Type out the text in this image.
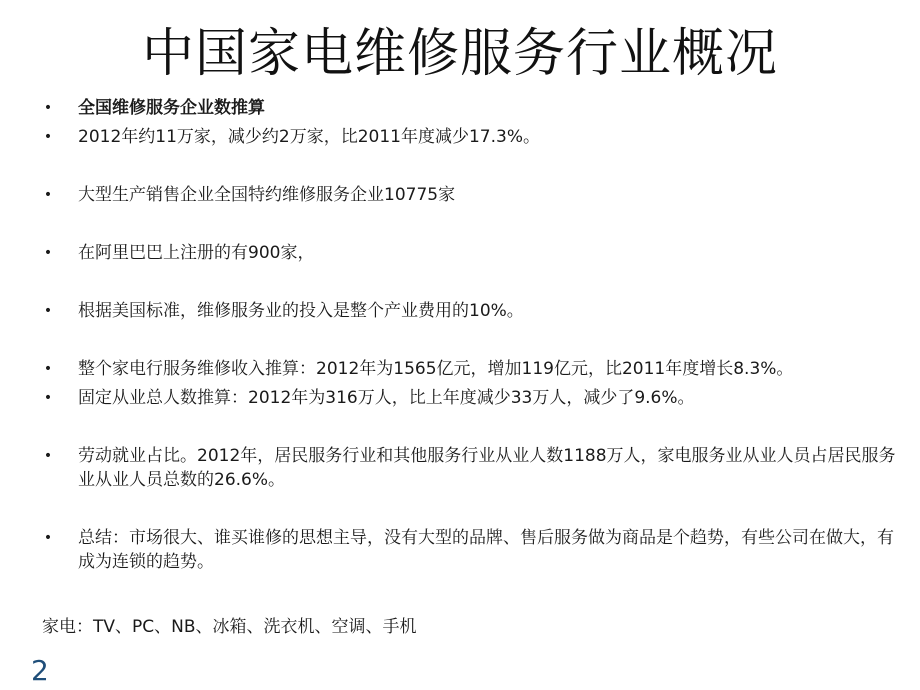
中国家电维修服务行业概况
•	全国维修服务企业数推算
•	2012年约11万家，减少约2万家，比2011年度减少17.3%。
•	大型生产销售企业全国特约维修服务企业10775家
•	在阿里巴巴上注册的有900家，
•	根据美国标准，维修服务业的投入是整个产业费用的10%。
•	整个家电行服务维修收入推算：2012年为1565亿元，增加119亿元，比2011年度增长8.3%。
•	固定从业总人数推算：2012年为316万人，比上年度减少33万人，减少了9.6%。
•	劳动就业占比。2012年，居民服务行业和其他服务行业从业人数1188万人，家电服务业从业人员占居民服务业从业人员总数的26.6%。
•	总结：市场很大、谁买谁修的思想主导，没有大型的品牌、售后服务做为商品是个趋势，有些公司在做大，有成为连锁的趋势。
家电：TV、PC、NB、冰箱、洗衣机、空调、手机
2
